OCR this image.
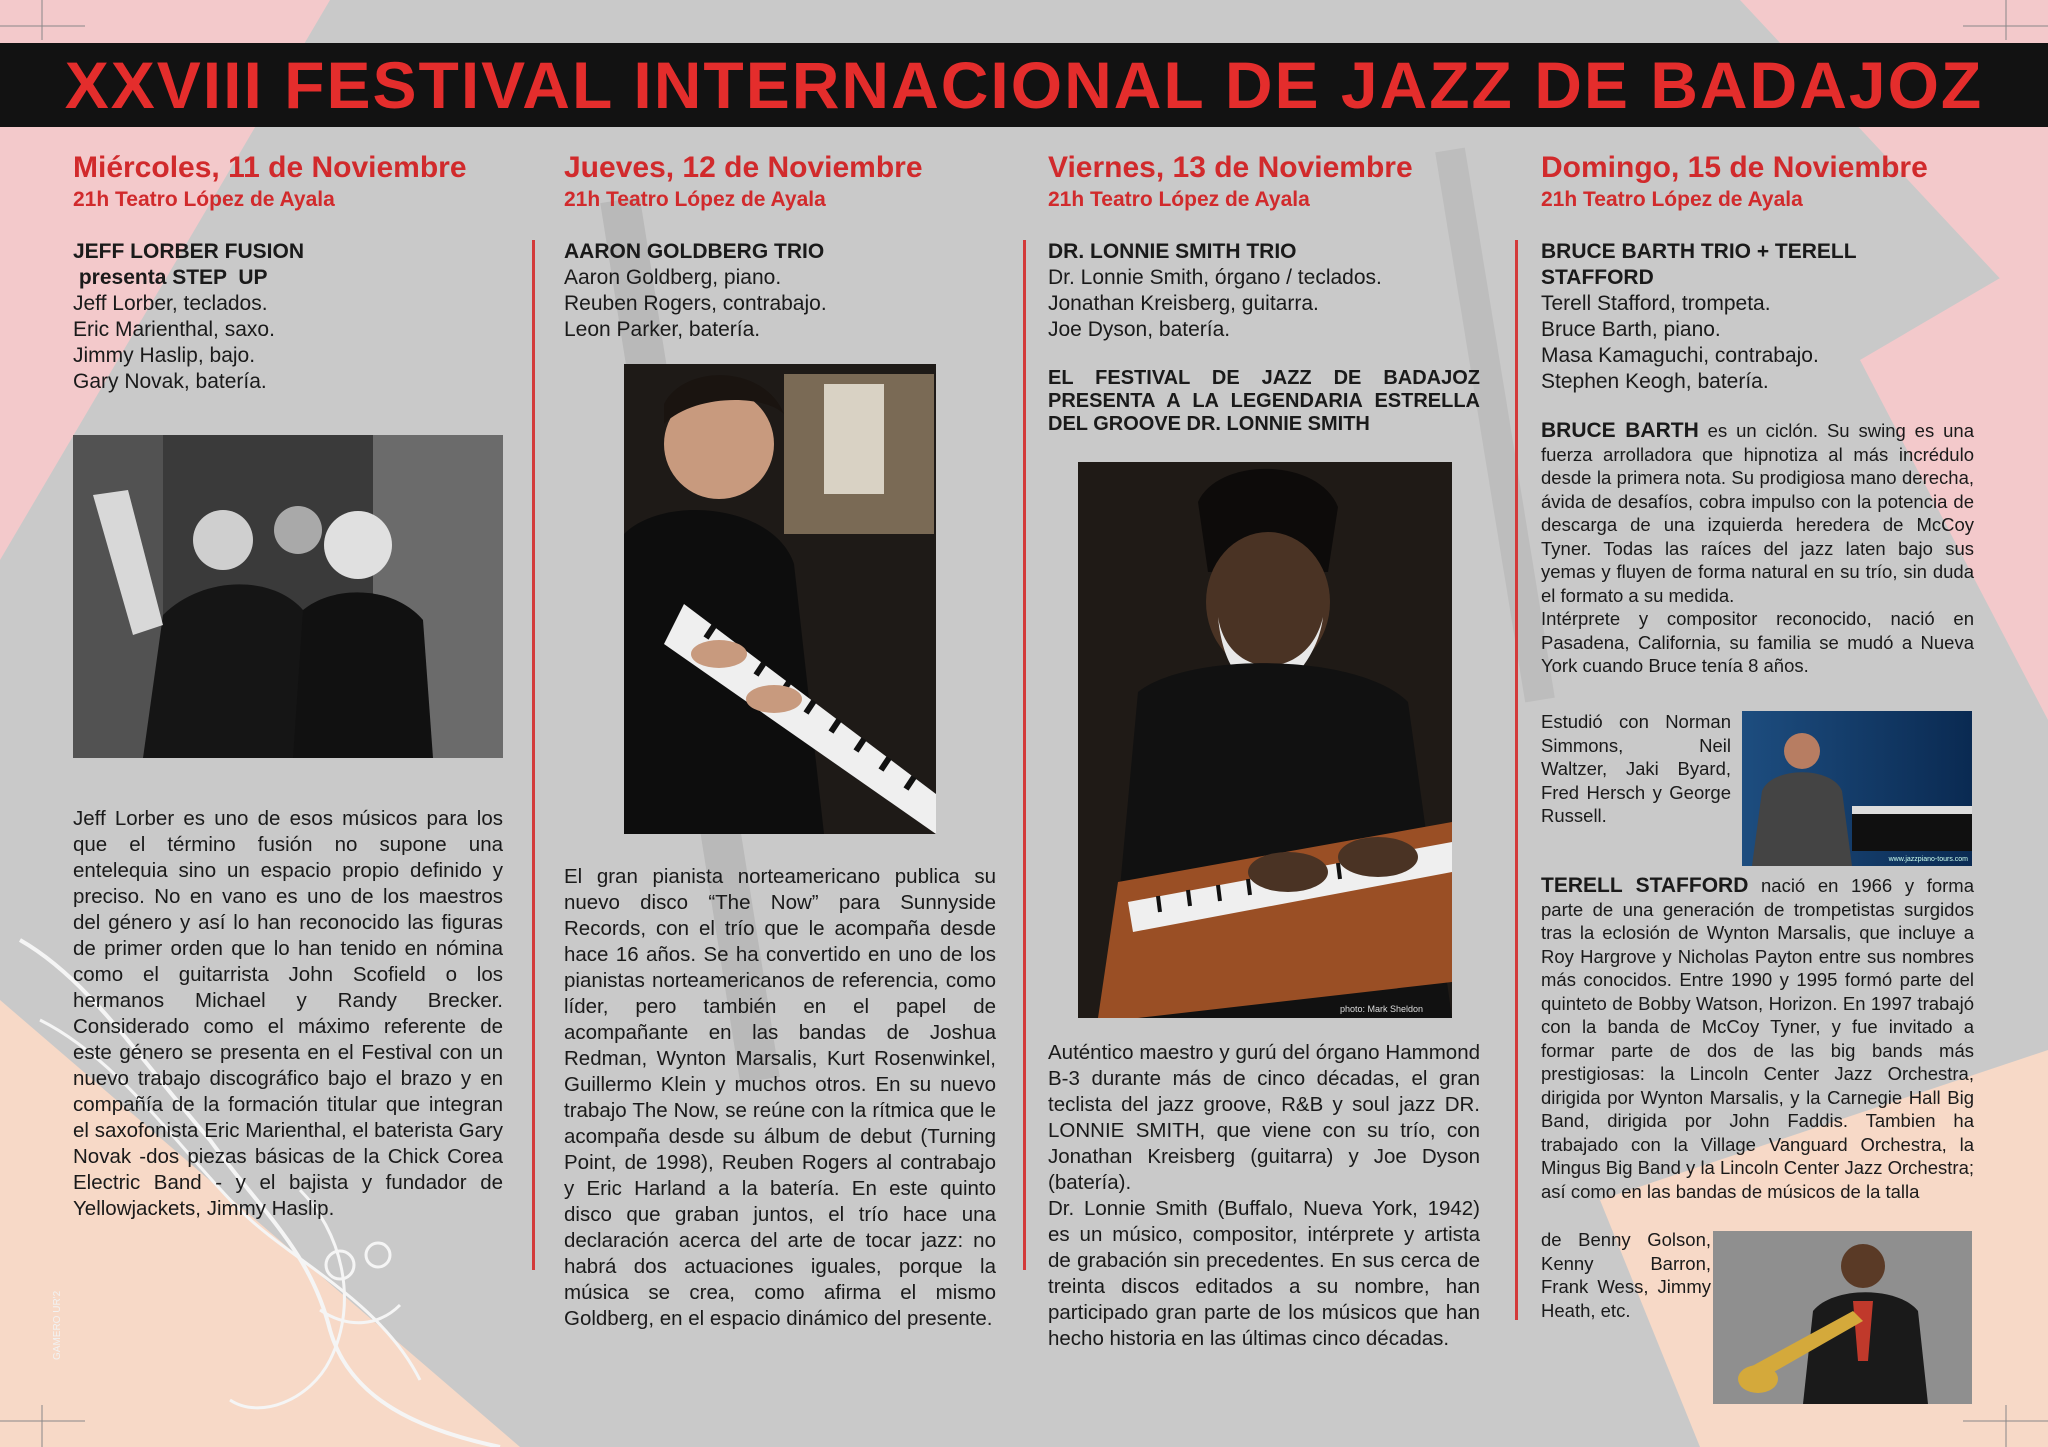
XXVIII FESTIVAL INTERNACIONAL DE JAZZ DE BADAJOZ
Miércoles, 11 de Noviembre
21h Teatro López de Ayala
JEFF LORBER FUSION
presenta STEP  UP
Jeff Lorber, teclados.
Eric Marienthal, saxo.
Jimmy Haslip, bajo.
Gary Novak, batería.
Jeff Lorber es uno de esos músicos para los que el término fusión no supone una entelequia sino un espacio propio definido y preciso. No en vano es uno de los maestros del género y así lo han reconocido las figuras de primer orden que lo han tenido en nómina como el guitarrista John Scofield o los hermanos Michael y Randy Brecker. Considerado como el máximo referente de este género se presenta en el Festival con un nuevo trabajo discográfico bajo el brazo y en compañía de la formación titular que integran el saxofonista Eric Marienthal, el baterista Gary Novak -dos piezas básicas de la Chick Corea Electric Band - y el bajista y fundador de Yellowjackets, Jimmy Haslip.
Jueves, 12 de Noviembre
21h Teatro López de Ayala
AARON GOLDBERG TRIO
Aaron Goldberg, piano.
Reuben Rogers, contrabajo.
Leon Parker, batería.
El gran pianista norteamericano publica su nuevo disco “The Now” para Sunnyside Records, con el trío que le acompaña desde hace 16 años. Se ha convertido en uno de los pianistas norteamericanos de referencia, como líder, pero también en el papel de acompañante en las bandas de Joshua Redman, Wynton Marsalis, Kurt Rosenwinkel, Guillermo Klein y muchos otros. En su nuevo trabajo The Now, se reúne con la rítmica que le acompaña desde su álbum de debut (Turning Point, de 1998), Reuben Rogers al contrabajo y Eric Harland a la batería. En este quinto disco que graban juntos, el trío hace una declaración acerca del arte de tocar jazz: no habrá dos actuaciones iguales, porque la música se crea, como afirma el mismo Goldberg, en el espacio dinámico del presente.
Viernes, 13 de Noviembre
21h Teatro López de Ayala
DR. LONNIE SMITH TRIO
Dr. Lonnie Smith, órgano / teclados.
Jonathan Kreisberg, guitarra.
Joe Dyson, batería.
EL FESTIVAL DE JAZZ DE BADAJOZ PRESENTA A LA LEGENDARIA ESTRELLA DEL GROOVE DR. LONNIE SMITH
photo: Mark Sheldon
Auténtico maestro y gurú del órgano Hammond B-3 durante más de cinco décadas, el gran teclista del jazz groove, R&B y soul jazz DR. LONNIE SMITH, que viene con su trío, con Jonathan Kreisberg (guitarra) y Joe Dyson (batería).
Dr. Lonnie Smith (Buffalo, Nueva York, 1942) es un músico, compositor, intérprete y artista de grabación sin precedentes. En sus cerca de treinta discos editados a su nombre, han participado gran parte de los músicos que han hecho historia en las últimas cinco décadas.
Domingo, 15 de Noviembre
21h Teatro López de Ayala
BRUCE BARTH TRIO + TERELL STAFFORD
Terell Stafford, trompeta.
Bruce Barth, piano.
Masa Kamaguchi, contrabajo.
Stephen Keogh, batería.
BRUCE BARTH es un ciclón. Su swing es una fuerza arrolladora que hipnotiza al más incrédulo desde la primera nota. Su prodigiosa mano derecha, ávida de desafíos, cobra impulso con la potencia de descarga de una izquierda heredera de McCoy Tyner. Todas las raíces del jazz laten bajo sus yemas y fluyen de forma natural en su trío, sin duda el formato a su medida.
Intérprete y compositor reconocido, nació en Pasadena, California, su familia se mudó a Nueva York cuando Bruce tenía 8 años.
Estudió con Norman Simmons, Neil Waltzer, Jaki Byard, Fred Hersch y George Russell.
www.jazzpiano-tours.com
TERELL STAFFORD nació en 1966 y forma parte de una generación de trompetistas surgidos tras la eclosión de Wynton Marsalis, que incluye a Roy Hargrove y Nicholas Payton entre sus nombres más conocidos. Entre 1990 y 1995 formó parte del quinteto de Bobby Watson, Horizon. En 1997 trabajó con la banda de McCoy Tyner, y fue invitado a formar parte de dos de las big bands más prestigiosas: la Lincoln Center Jazz Orchestra, dirigida por Wynton Marsalis, y la Carnegie Hall Big Band, dirigida por John Faddis. Tambien ha trabajado con la Village Vanguard Orchestra, la Mingus Big Band y la Lincoln Center Jazz Orchestra; así como en las bandas de músicos de la talla
de Benny Golson, Kenny Barron, Frank Wess, Jimmy Heath, etc.
GAMERO UR'2
